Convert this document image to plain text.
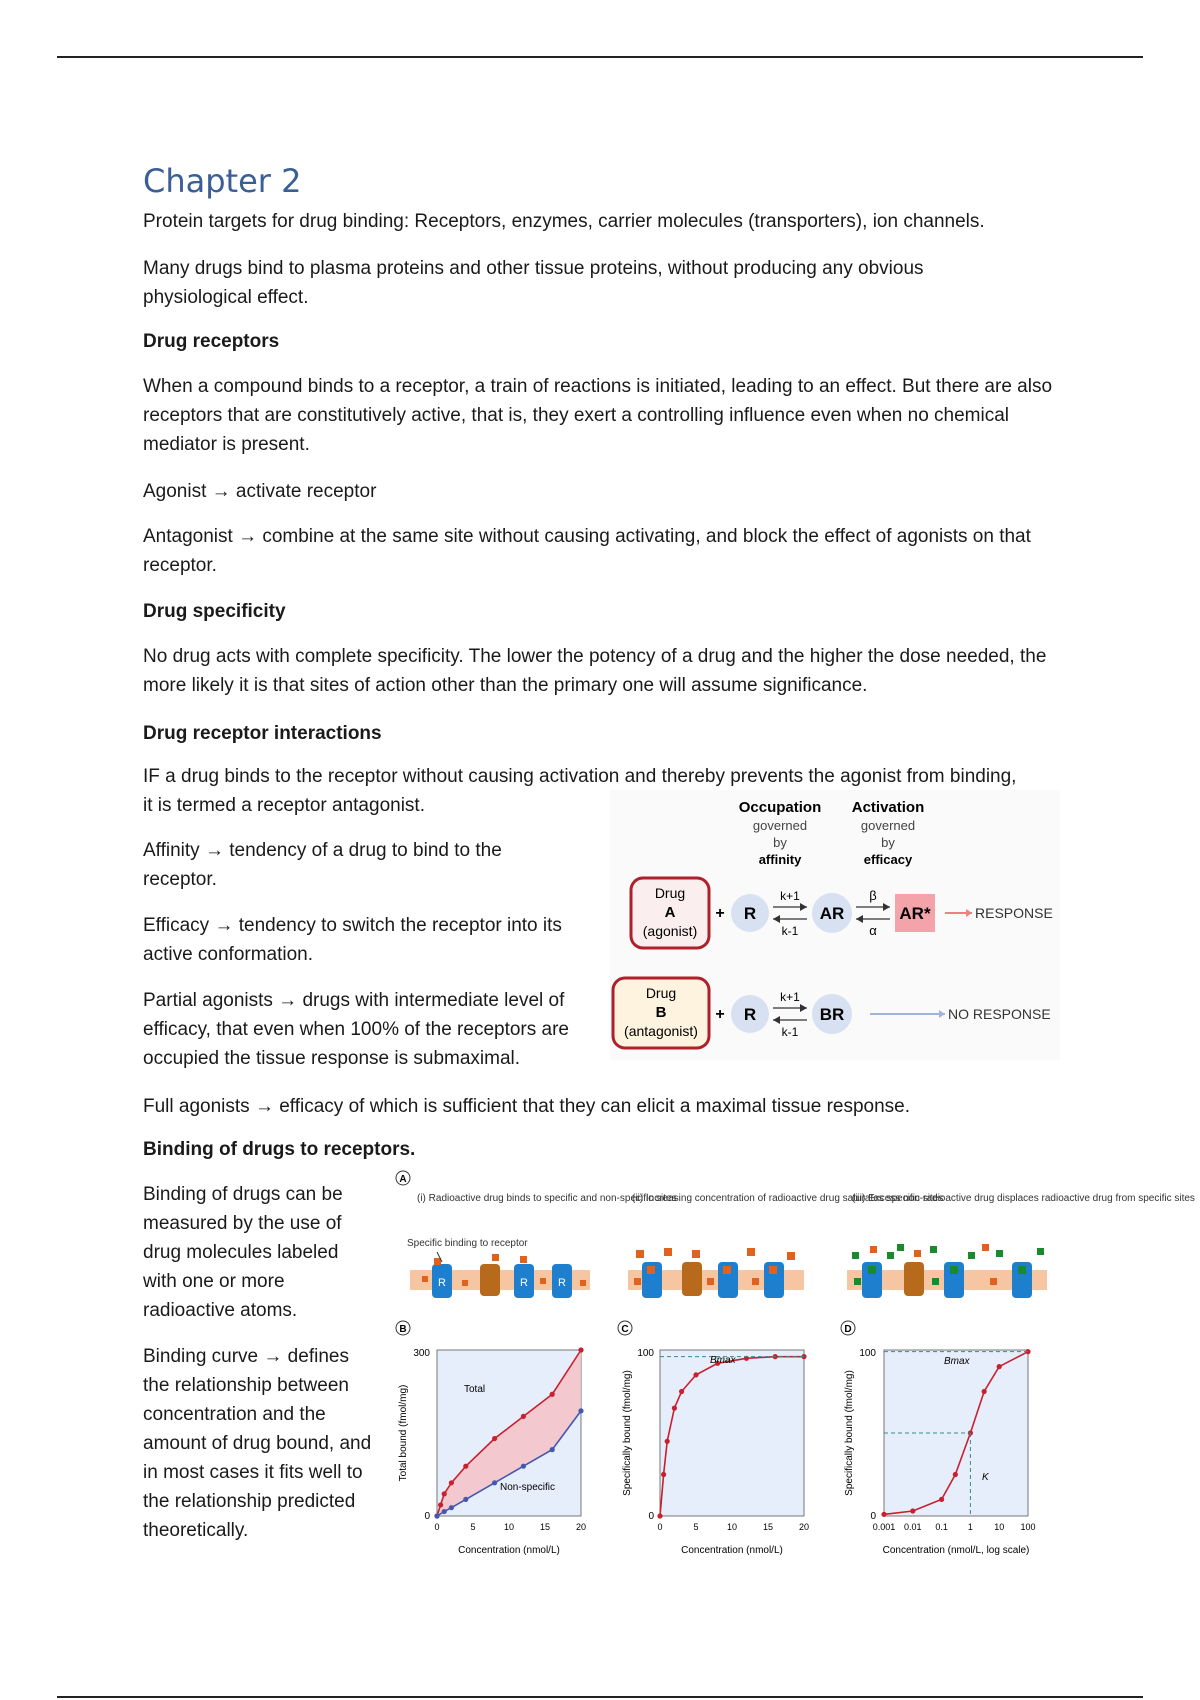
Chapter 2

Protein targets for drug binding: Receptors, enzymes, carrier molecules (transporters), ion channels.

Many drugs bind to plasma proteins and other tissue proteins, without producing any obvious physiological effect.

Drug receptors

When a compound binds to a receptor, a train of reactions is initiated, leading to an effect. But there are also receptors that are constitutively active, that is, they exert a controlling influence even when no chemical mediator is present.

Agonist → activate receptor

Antagonist → combine at the same site without causing activating, and block the effect of agonists on that receptor.

Drug specificity

No drug acts with complete specificity. The lower the potency of a drug and the higher the dose needed, the more likely it is that sites of action other than the primary one will assume significance.

Drug receptor interactions

IF a drug binds to the receptor without causing activation and thereby prevents the agonist from binding, it is termed a receptor antagonist.

Affinity → tendency of a drug to bind to the receptor.

Efficacy → tendency to switch the receptor into its active conformation.

Partial agonists → drugs with intermediate level of efficacy, that even when 100% of the receptors are occupied the tissue response is submaximal.

Full agonists → efficacy of which is sufficient that they can elicit a maximal tissue response.

Binding of drugs to receptors.

Binding of drugs can be measured by the use of drug molecules labeled with one or more radioactive atoms.

Binding curve → defines the relationship between concentration and the amount of drug bound, and in most cases it fits well to the relationship predicted theoretically.

Occupation Activation
governed	governed
by	by
affinity	efficacy
Drug
A
(agonist)
+ R
k+1
k-1
AR
β
α
AR*	RESPONSE
Drug
B
(antagonist)
+ R
k+1
k-1
BR	NO RESPONSE
A
(i) Radioactive drug binds to specific and non-specific sites
Specific binding to receptor
R	R	R
(ii) Increasing concentration of radioactive drug saturates specific sites
(iii) Excess non-radioactive drug displaces radioactive drug from specific sites
B
300
0
Total bound (fmol/mg)
Concentration (nmol/L)
0	5	10	15	20
Total
Non-specific
C
100
0
Specifically bound (fmol/mg)
Concentration (nmol/L)
0	5	10	15	20
Bmax
D
100
0
Specifically bound (fmol/mg)
Concentration (nmol/L, log scale)
0.001 0.01 0.1 1 10 100
Bmax
K
